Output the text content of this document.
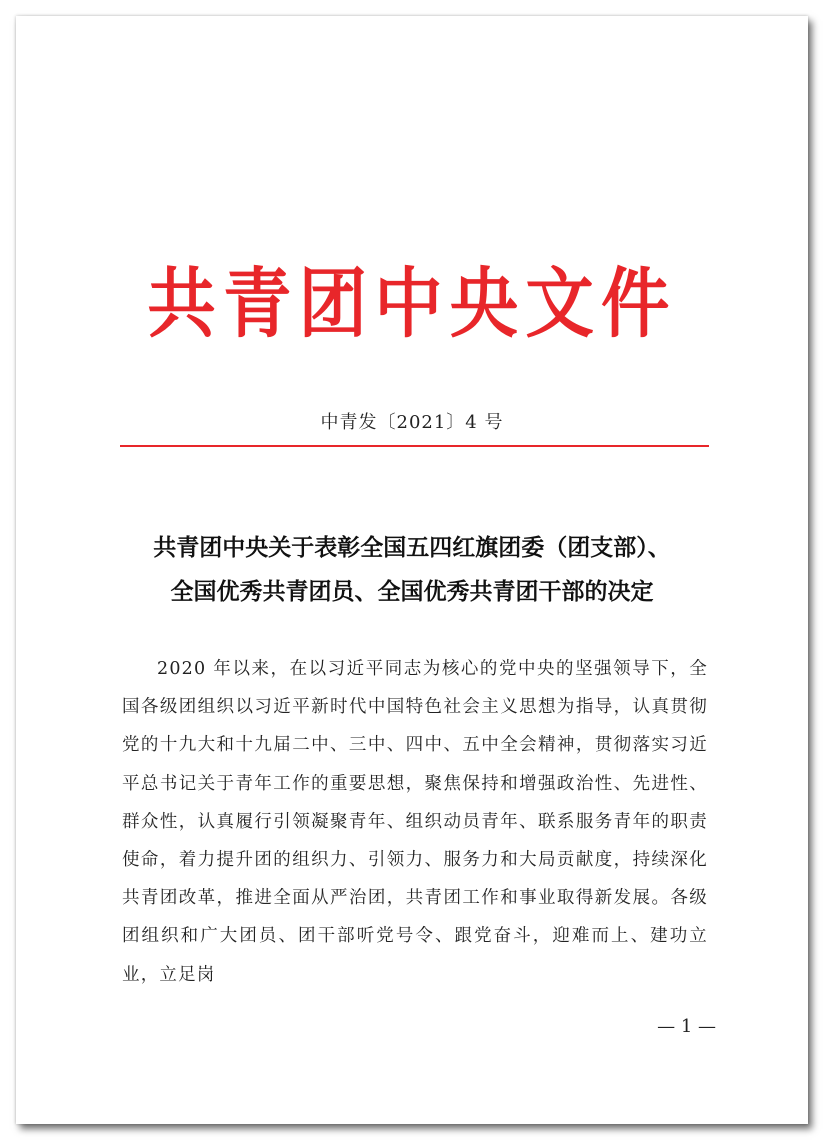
共青团中央文件
中青发〔2021〕4 号
共青团中央关于表彰全国五四红旗团委（团支部）、
全国优秀共青团员、全国优秀共青团干部的决定

2020 年以来，在以习近平同志为核心的党中央的坚强领导下，全国各级团组织以习近平新时代中国特色社会主义思想为指导，认真贯彻党的十九大和十九届二中、三中、四中、五中全会精神，贯彻落实习近平总书记关于青年工作的重要思想，聚焦保持和增强政治性、先进性、群众性，认真履行引领凝聚青年、组织动员青年、联系服务青年的职责使命，着力提升团的组织力、引领力、服务力和大局贡献度，持续深化共青团改革，推进全面从严治团，共青团工作和事业取得新发展。各级团组织和广大团员、团干部听党号令、跟党奋斗，迎难而上、建功立业，立足岗

— 1 —
